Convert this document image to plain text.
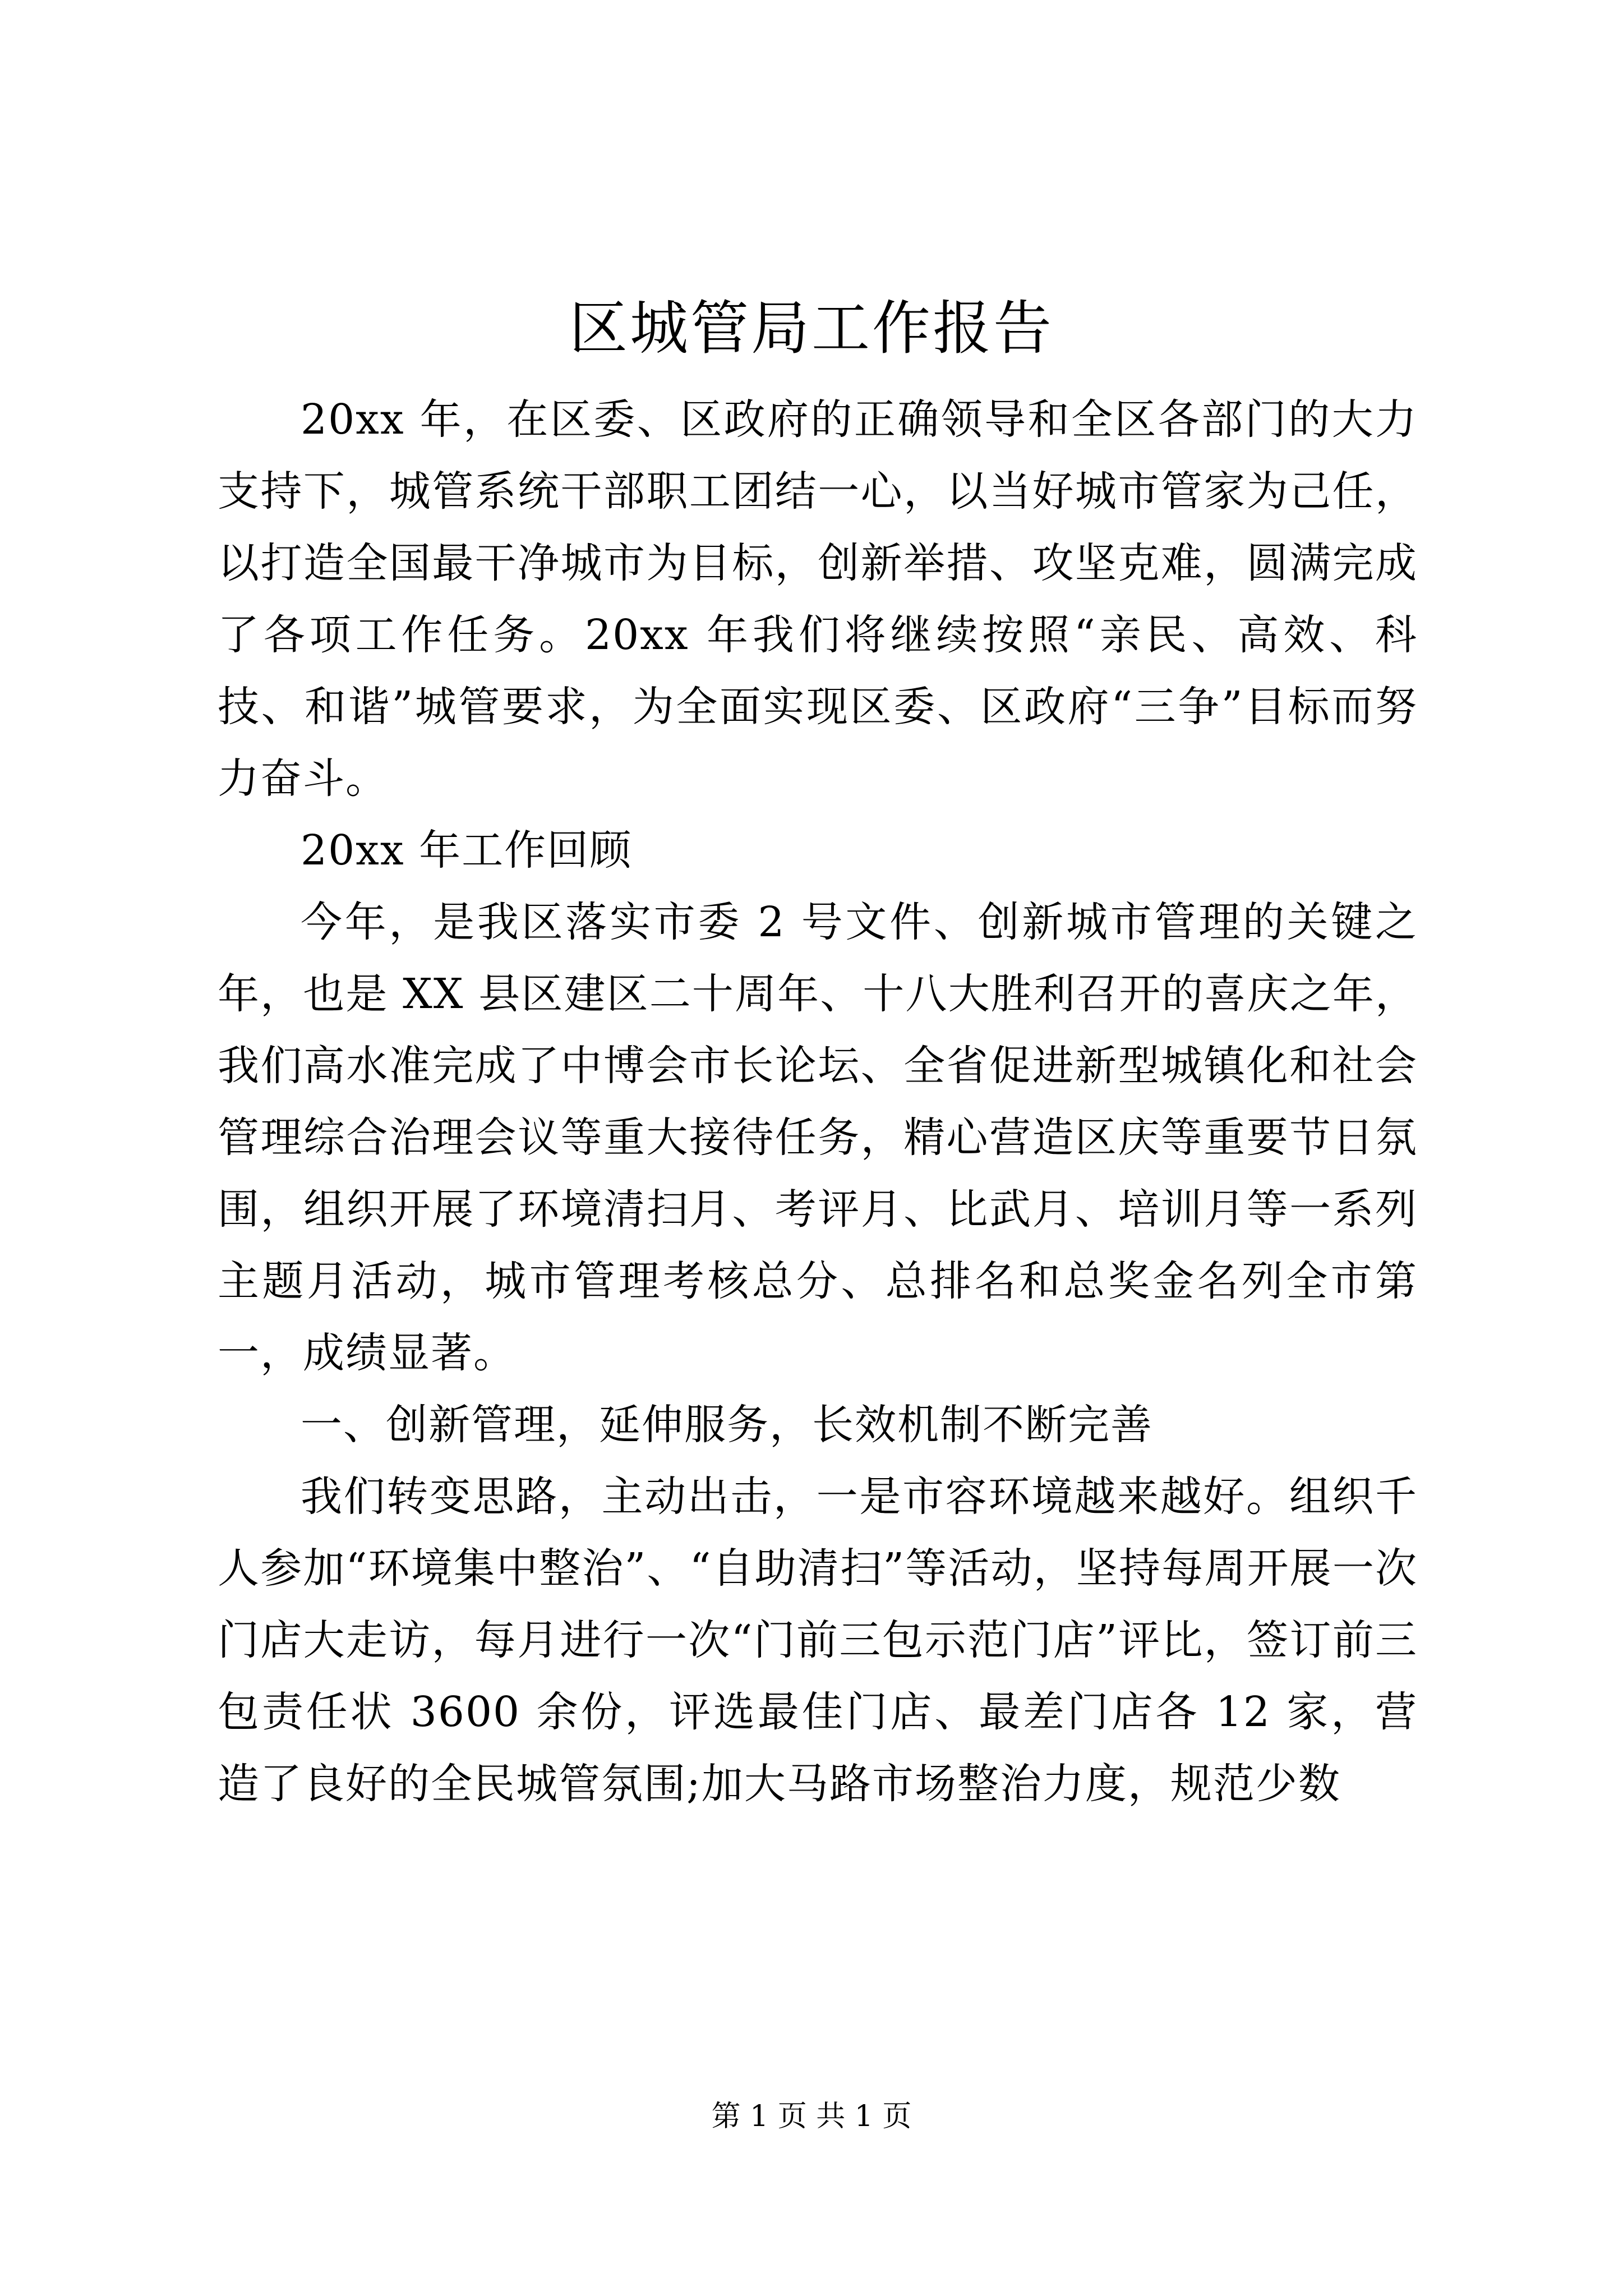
区城管局工作报告

20xx 年，在区委、区政府的正确领导和全区各部门的大力支持下，城管系统干部职工团结一心，以当好城市管家为己任，以打造全国最干净城市为目标，创新举措、攻坚克难，圆满完成了各项工作任务。20xx 年我们将继续按照“亲民、高效、科技、和谐”城管要求，为全面实现区委、区政府“三争”目标而努力奋斗。

20xx 年工作回顾

今年，是我区落实市委 2 号文件、创新城市管理的关键之年，也是 XX 县区建区二十周年、十八大胜利召开的喜庆之年，我们高水准完成了中博会市长论坛、全省促进新型城镇化和社会管理综合治理会议等重大接待任务，精心营造区庆等重要节日氛围，组织开展了环境清扫月、考评月、比武月、培训月等一系列主题月活动，城市管理考核总分、总排名和总奖金名列全市第一，成绩显著。

一、创新管理，延伸服务，长效机制不断完善

我们转变思路，主动出击，一是市容环境越来越好。组织千人参加“环境集中整治”、“自助清扫”等活动，坚持每周开展一次门店大走访，每月进行一次“门前三包示范门店”评比，签订前三包责任状 3600 余份，评选最佳门店、最差门店各 12 家，营造了良好的全民城管氛围;加大马路市场整治力度，规范少数

第 1 页 共 1 页
